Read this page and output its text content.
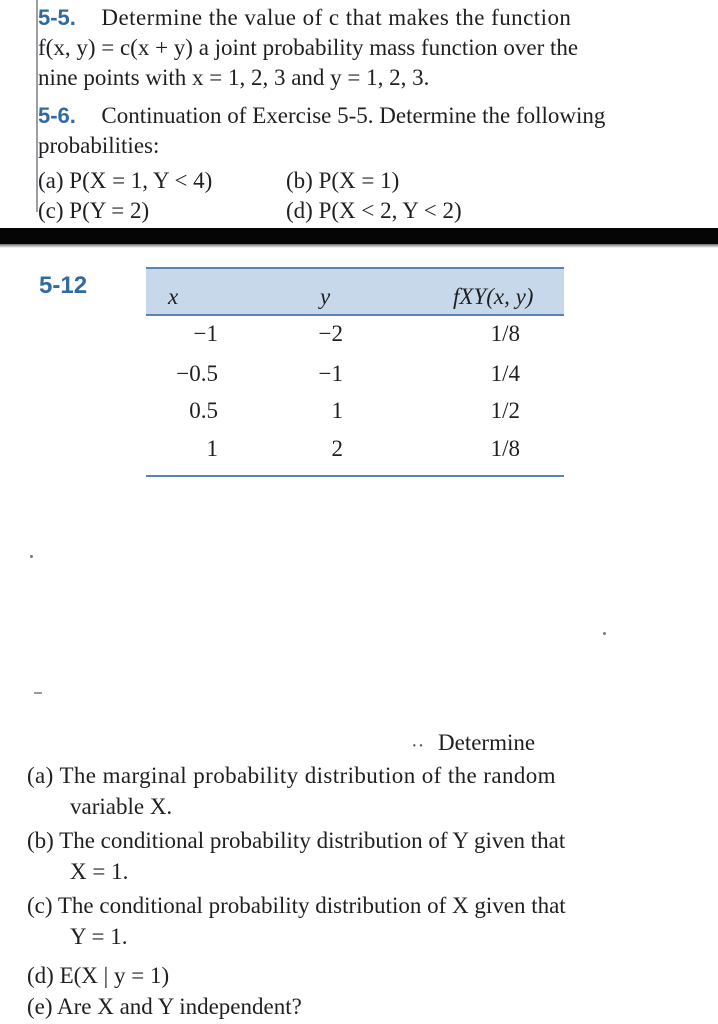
5-5. Determine the value of c that makes the function
f(x, y) = c(x + y) a joint probability mass function over the
nine points with x = 1, 2, 3 and y = 1, 2, 3.
5-6. Continuation of Exercise 5-5. Determine the following
probabilities:
(a) P(X = 1, Y < 4)	(b) P(X = 1)
(c) P(Y = 2)	(d) P(X < 2, Y < 2)
5-12	x	y	fXY(x, y)
−1	−2	1/8
−0.5	−1	1/4
0.5	1	1/2
1	2	1/8
·· Determine
(a) The marginal probability distribution of the random
variable X.
(b) The conditional probability distribution of Y given that
X = 1.
(c) The conditional probability distribution of X given that
Y = 1.
(d) E(X | y = 1)
(e) Are X and Y independent?
